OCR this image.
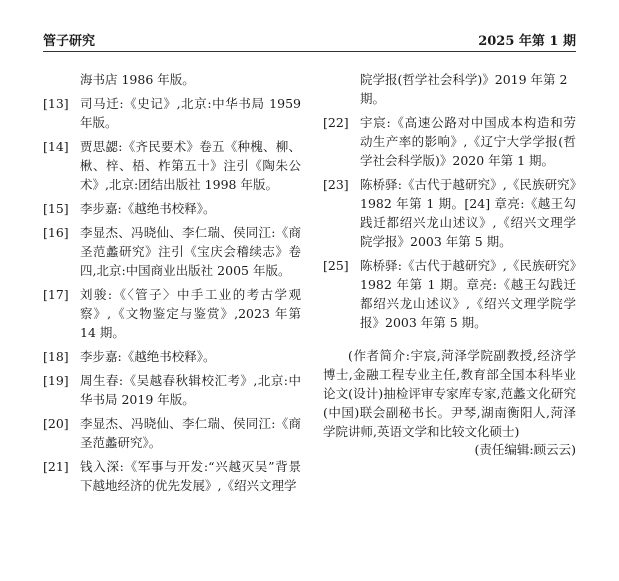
管子研究	2025 年第 1 期
海书店 1986 年版。
[13] 司马迁:《史记》,北京:中华书局 1959 年版。
[14] 贾思勰:《齐民要术》卷五《种槐、柳、楸、梓、梧、柞第五十》注引《陶朱公术》,北京:团结出版社 1998 年版。
[15] 李步嘉:《越绝书校释》。
[16] 李显杰、冯晓仙、李仁瑞、侯同江:《商圣范蠡研究》注引《宝庆会稽续志》卷四,北京:中国商业出版社 2005 年版。
[17] 刘骏:《〈管子〉中手工业的考古学观察》,《文物鉴定与鉴赏》,2023 年第 14 期。
[18] 李步嘉:《越绝书校释》。
[19] 周生春:《吴越春秋辑校汇考》,北京:中华书局 2019 年版。
[20] 李显杰、冯晓仙、李仁瑞、侯同江:《商圣范蠡研究》。
[21] 钱入深:《军事与开发:“兴越灭吴”背景下越地经济的优先发展》,《绍兴文理学
院学报(哲学社会科学)》2019 年第 2 期。
[22] 宇宸:《高速公路对中国成本构造和劳动生产率的影响》,《辽宁大学学报(哲学社会科学版)》2020 年第 1 期。
[23] 陈桥驿:《古代于越研究》,《民族研究》1982 年第 1 期。[24] 章亮:《越王勾践迁都绍兴龙山述议》,《绍兴文理学院学报》2003 年第 5 期。
[25] 陈桥驿:《古代于越研究》,《民族研究》1982 年第 1 期。章亮:《越王勾践迁都绍兴龙山述议》,《绍兴文理学院学报》2003 年第 5 期。
(作者简介:宇宸,菏泽学院副教授,经济学博士,金融工程专业主任,教育部全国本科毕业论文(设计)抽检评审专家库专家,范蠡文化研究(中国)联会副秘书长。尹琴,湖南衡阳人,菏泽学院讲师,英语文学和比较文化硕士)
(责任编辑:顾云云)
